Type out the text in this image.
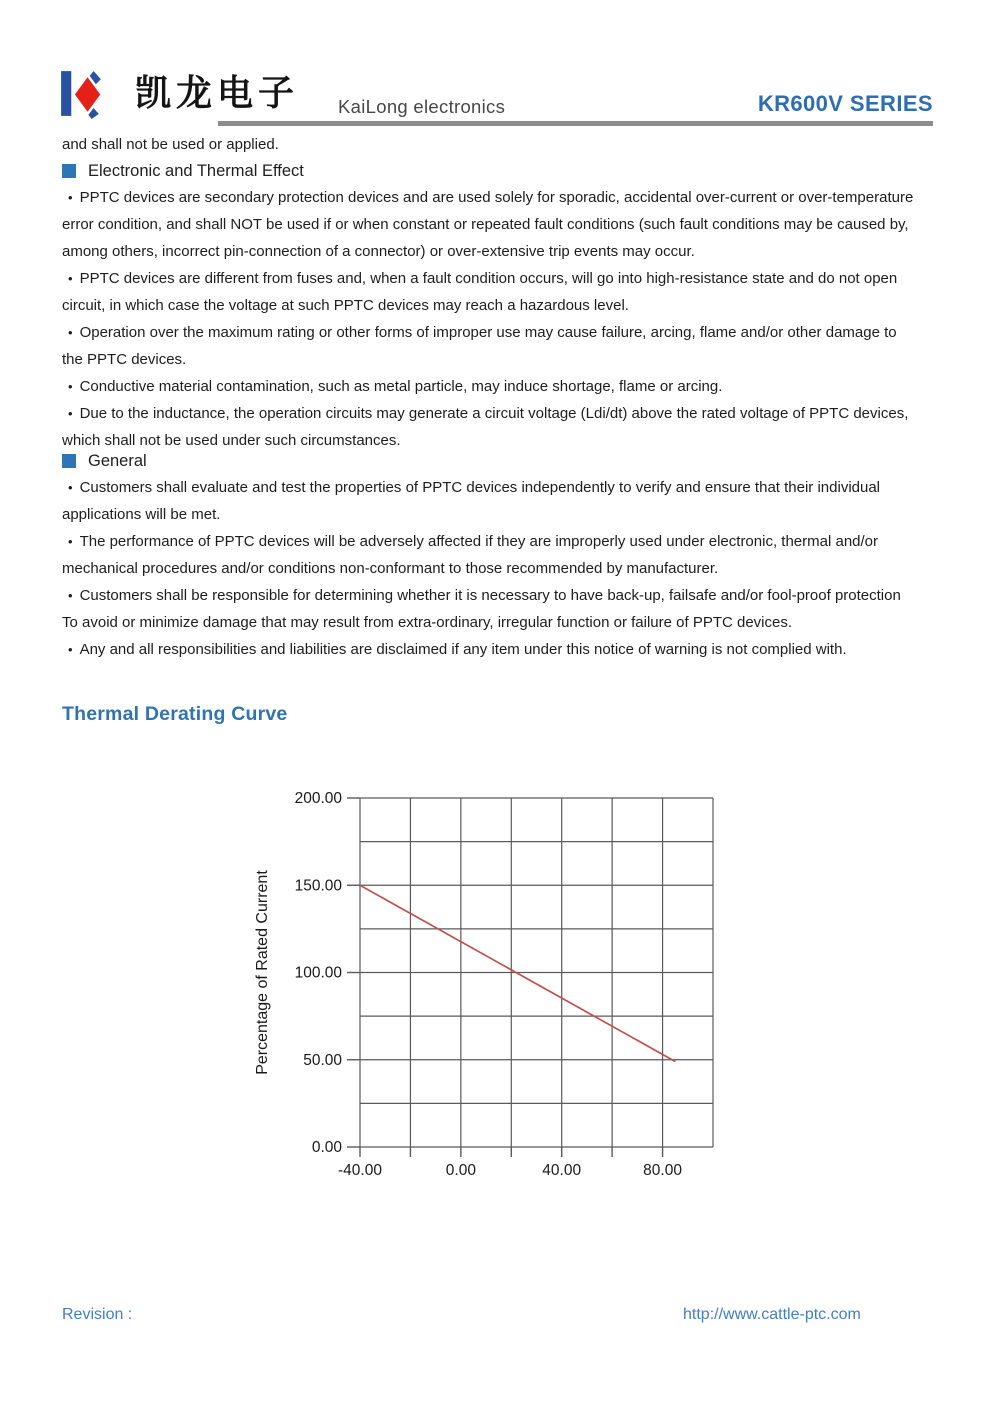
凯龙电子	KaiLong electronics	KR600V SERIES
and shall not be used or applied.
Electronic and Thermal Effect
• PPTC devices are secondary protection devices and are used solely for sporadic, accidental over-current or over-temperature
error condition, and shall NOT be used if or when constant or repeated fault conditions (such fault conditions may be caused by,
among others, incorrect pin-connection of a connector) or over-extensive trip events may occur.
• PPTC devices are different from fuses and, when a fault condition occurs, will go into high-resistance state and do not open
circuit, in which case the voltage at such PPTC devices may reach a hazardous level.
• Operation over the maximum rating or other forms of improper use may cause failure, arcing, flame and/or other damage to
the PPTC devices.
• Conductive material contamination, such as metal particle, may induce shortage, flame or arcing.
• Due to the inductance, the operation circuits may generate a circuit voltage (Ldi/dt) above the rated voltage of PPTC devices,
which shall not be used under such circumstances.
General
• Customers shall evaluate and test the properties of PPTC devices independently to verify and ensure that their individual
applications will be met.
• The performance of PPTC devices will be adversely affected if they are improperly used under electronic, thermal and/or
mechanical procedures and/or conditions non-conformant to those recommended by manufacturer.
• Customers shall be responsible for determining whether it is necessary to have back-up, failsafe and/or fool-proof protection
To avoid or minimize damage that may result from extra-ordinary, irregular function or failure of PPTC devices.
• Any and all responsibilities and liabilities are disclaimed if any item under this notice of warning is not complied with.
Thermal Derating Curve
200.00
150.00
100.00
50.00
0.00
-40.00	0.00	40.00	80.00
Percentage of Rated Current
Revision :	http://www.cattle-ptc.com
